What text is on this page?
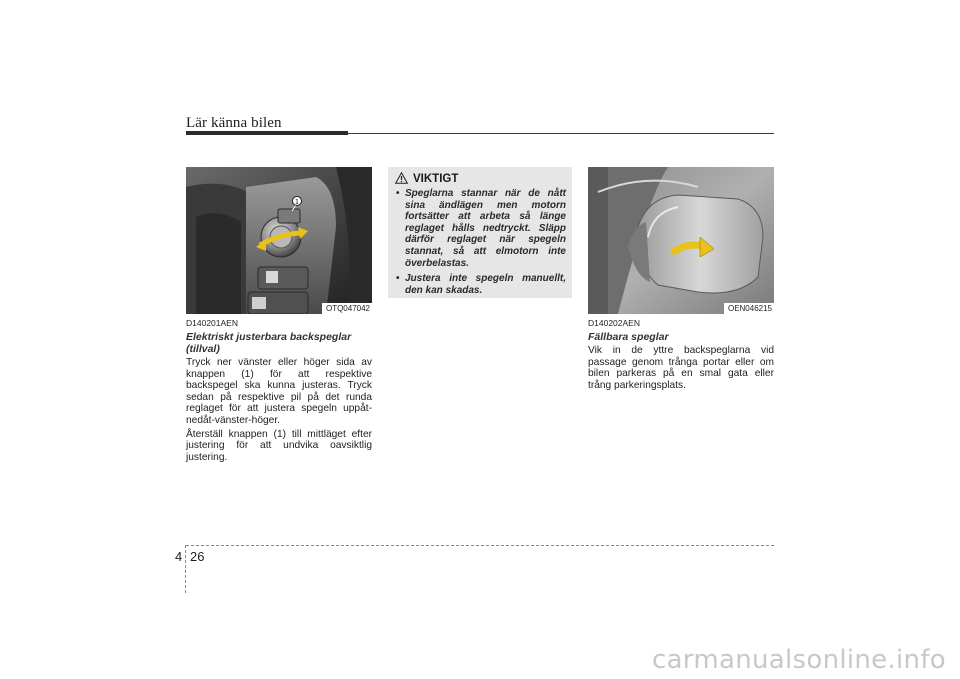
Lär känna bilen
1
OTQ047042
D140201AEN
Elektriskt justerbara backspeglar
(tillval)

Tryck ner vänster eller höger sida av knappen (1) för att respektive backspegel ska kunna justeras. Tryck sedan på respektive pil på det runda reglaget för att justera spegeln uppåt-nedåt-vänster-höger.

Återställ knappen (1) till mittläget efter justering för att undvika oavsiktlig justering.

VIKTIGT
• Speglarna stannar när de nått sina ändlägen men motorn fortsätter att arbeta så länge reglaget hålls nedtryckt. Släpp därför reglaget när spegeln stannat, så att elmotorn inte överbelastas.
• Justera inte spegeln manuellt, den kan skadas.
OEN046215
D140202AEN
Fällbara speglar

Vik in de yttre backspeglarna vid passage genom trånga portar eller om bilen parkeras på en smal gata eller trång parkeringsplats.

4 26
carmanualsonline.info
